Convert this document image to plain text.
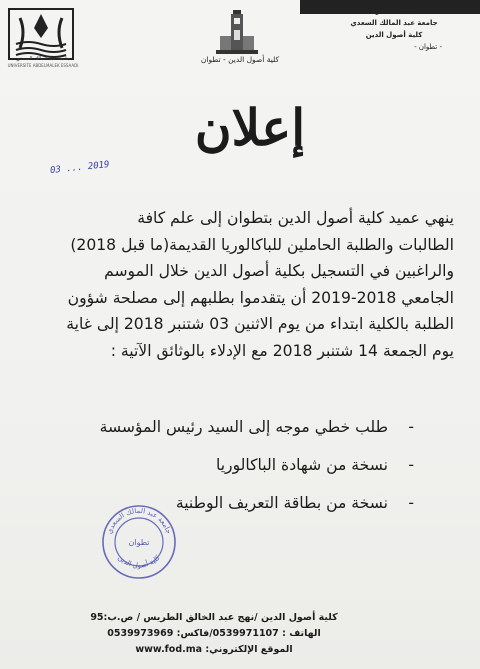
جامعة عبد المالك السعدي
UNIVERSITE ABDELMALEK ESSAADI
كلية أصول الدين - تطوان
المملكة المغربية
جامعة عبد المالك السعدي
كلية أصول الدين
- تطوان -
إعلان
03 ... 2019
ينهي عميد كلية أصول الدين بتطوان إلى علم كافة
الطالبات والطلبة الحاملين للباكالوريا القديمة(ما قبل 2018)
والراغبين في التسجيل بكلية أصول الدين خلال الموسم
الجامعي 2018-2019 أن يتقدموا بطلبهم إلى مصلحة شؤون
الطلبة بالكلية ابتداء من يوم الاثنين 03 شتنبر 2018 إلى غاية
يوم الجمعة 14 شتنبر 2018 مع الإدلاء بالوثائق الآتية :
-طلب خطي موجه إلى السيد رئيس المؤسسة
-نسخة من شهادة الباكالوريا
-نسخة من بطاقة التعريف الوطنية
جامعة عبد المالك السعدي
كلية أصول الدين
تطوان
كلية أصول الدين /نهج عبد الخالق الطريس / ص.ب:95
الهاتف : 0539971107/فاكس: 0539973969
الموقع الإلكتروني: www.fod.ma
